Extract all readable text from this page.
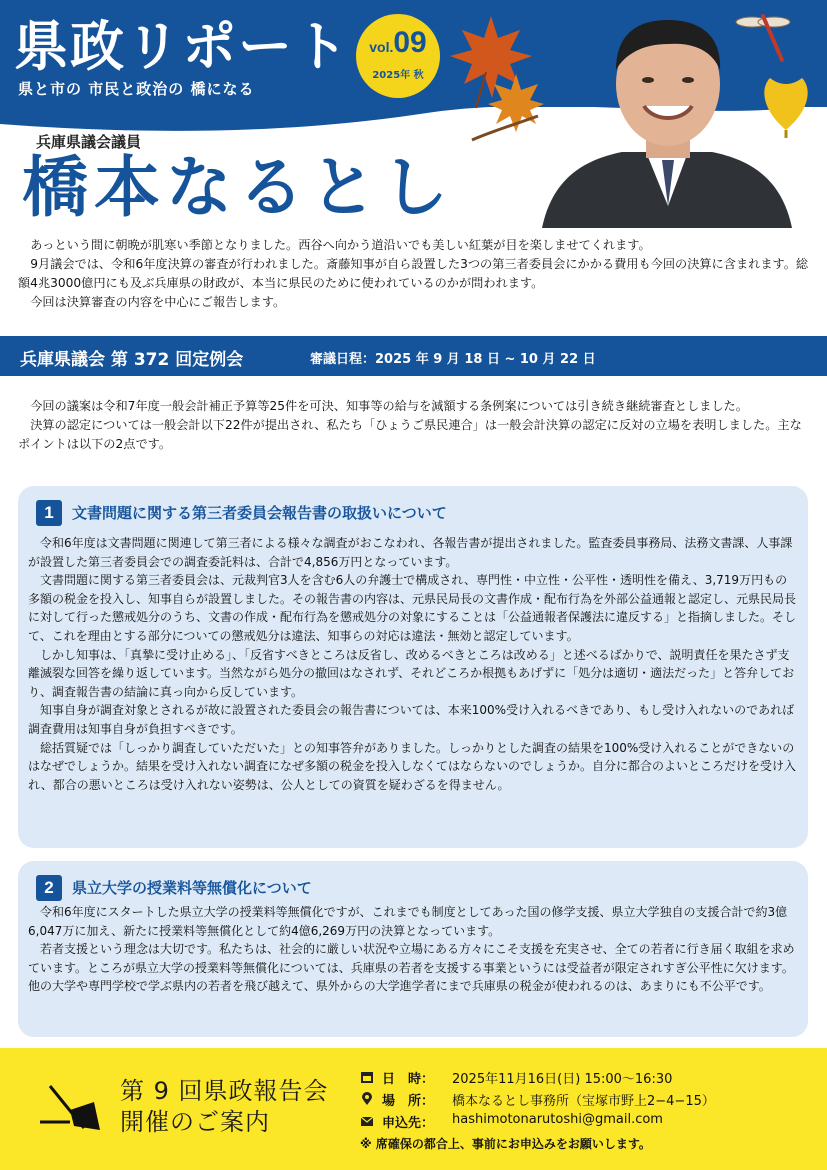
県政リポート
県と市の 市民と政治の 橋になる
vol.09
2025年 秋
兵庫県議会議員
橋本なるとし

あっという間に朝晩が肌寒い季節となりました。西谷へ向かう道沿いでも美しい紅葉が目を楽しませてくれます。

9月議会では、令和6年度決算の審査が行われました。斎藤知事が自ら設置した3つの第三者委員会にかかる費用も今回の決算に含まれます。総額4兆3000億円にも及ぶ兵庫県の財政が、本当に県民のために使われているのかが問われます。

今回は決算審査の内容を中心にご報告します。

兵庫県議会 第 372 回定例会	審議日程：2025 年 9 月 18 日 ~ 10 月 22 日

今回の議案は令和7年度一般会計補正予算等25件を可決、知事等の給与を減額する条例案については引き続き継続審査としました。

決算の認定については一般会計以下22件が提出され、私たち「ひょうご県民連合」は一般会計決算の認定に反対の立場を表明しました。主なポイントは以下の2点です。

1	文書問題に関する第三者委員会報告書の取扱いについて

令和6年度は文書問題に関連して第三者による様々な調査がおこなわれ、各報告書が提出されました。監査委員事務局、法務文書課、人事課が設置した第三者委員会での調査委託料は、合計で4,856万円となっています。

文書問題に関する第三者委員会は、元裁判官3人を含む6人の弁護士で構成され、専門性・中立性・公平性・透明性を備え、3,719万円もの多額の税金を投入し、知事自らが設置しました。その報告書の内容は、元県民局長の文書作成・配布行為を外部公益通報と認定し、元県民局長に対して行った懲戒処分のうち、文書の作成・配布行為を懲戒処分の対象にすることは「公益通報者保護法に違反する」と指摘しました。そして、これを理由とする部分についての懲戒処分は違法、知事らの対応は違法・無効と認定しています。

しかし知事は、「真摯に受け止める」、「反省すべきところは反省し、改めるべきところは改める」と述べるばかりで、説明責任を果たさず支離滅裂な回答を繰り返しています。当然ながら処分の撤回はなされず、それどころか根拠もあげずに「処分は適切・適法だった」と答弁しており、調査報告書の結論に真っ向から反しています。

知事自身が調査対象とされるが故に設置された委員会の報告書については、本来100%受け入れるべきであり、もし受け入れないのであれば調査費用は知事自身が負担すべきです。

総括質疑では「しっかり調査していただいた」との知事答弁がありました。しっかりとした調査の結果を100%受け入れることができないのはなぜでしょうか。結果を受け入れない調査になぜ多額の税金を投入しなくてはならないのでしょうか。自分に都合のよいところだけを受け入れ、都合の悪いところは受け入れない姿勢は、公人としての資質を疑わざるを得ません。

2	県立大学の授業料等無償化について

令和6年度にスタートした県立大学の授業料等無償化ですが、これまでも制度としてあった国の修学支援、県立大学独自の支援合計で約3億6,047万に加え、新たに授業料等無償化として約4億6,269万円の決算となっています。

若者支援という理念は大切です。私たちは、社会的に厳しい状況や立場にある方々にこそ支援を充実させ、全ての若者に行き届く取組を求めています。ところが県立大学の授業料等無償化については、兵庫県の若者を支援する事業というには受益者が限定されすぎ公平性に欠けます。他の大学や専門学校で学ぶ県内の若者を飛び越えて、県外からの大学進学者にまで兵庫県の税金が使われるのは、あまりにも不公平です。

第 9 回県政報告会
開催のご案内
日　時：	2025年11月16日(日) 15:00〜16:30
場　所：	橋本なるとし事務所（宝塚市野上2−4−15）
申込先：	hashimotonarutoshi@gmail.com
※ 席確保の都合上、事前にお申込みをお願いします。
